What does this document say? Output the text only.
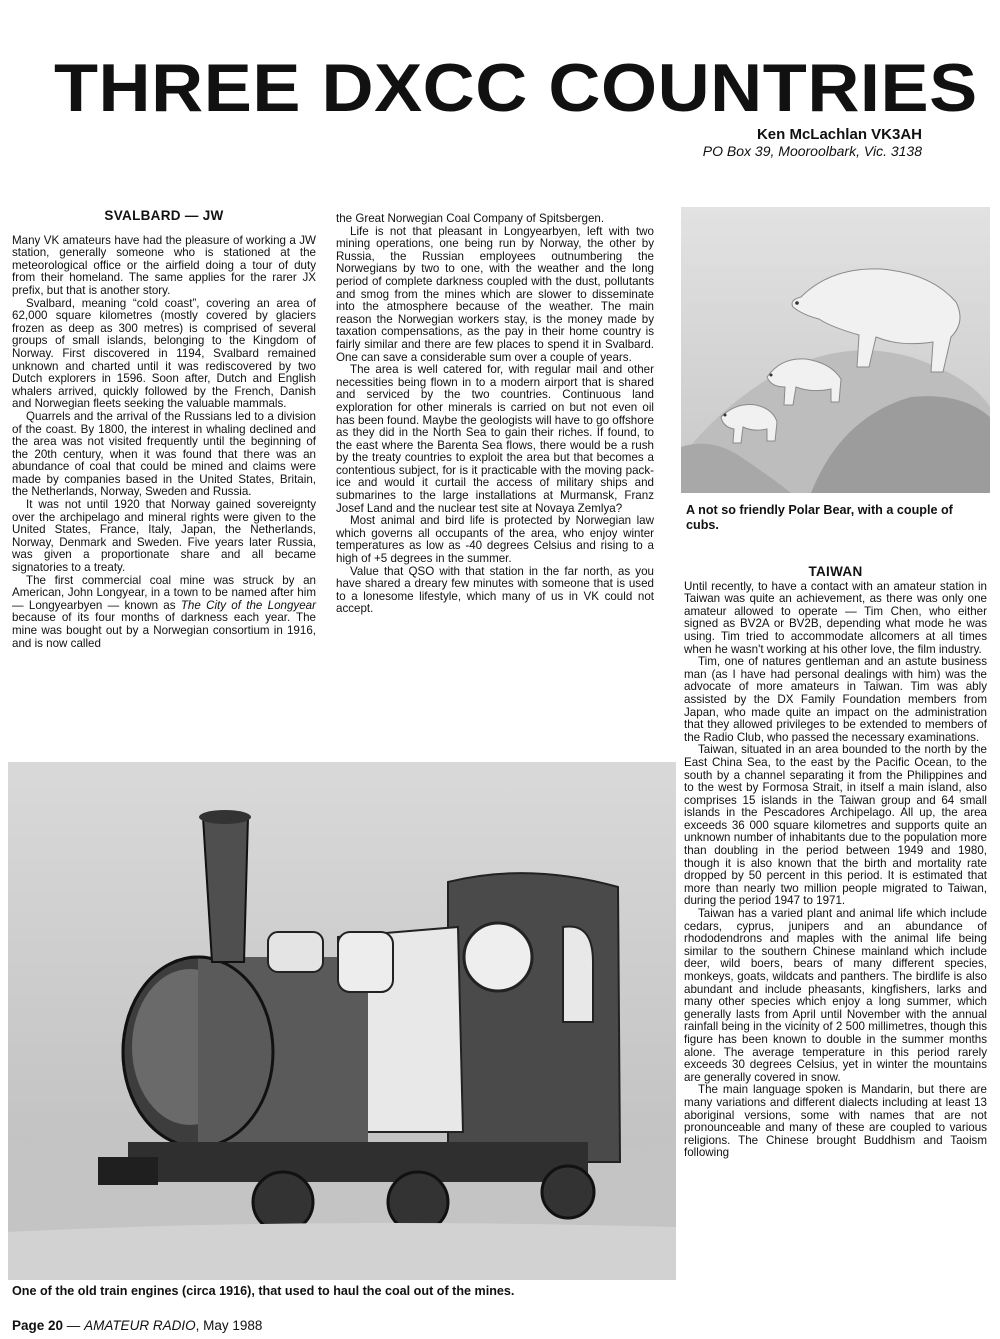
THREE DXCC COUNTRIES
Ken McLachlan VK3AH
PO Box 39, Mooroolbark, Vic. 3138
SVALBARD — JW

Many VK amateurs have had the pleasure of working a JW station, generally someone who is stationed at the meteorological office or the airfield doing a tour of duty from their homeland. The same applies for the rarer JX prefix, but that is another story.

Svalbard, meaning “cold coast”, covering an area of 62,000 square kilometres (mostly covered by glaciers frozen as deep as 300 metres) is comprised of several groups of small islands, belonging to the Kingdom of Norway. First discovered in 1194, Svalbard remained unknown and charted until it was rediscovered by two Dutch explorers in 1596. Soon after, Dutch and English whalers arrived, quickly followed by the French, Danish and Norwegian fleets seeking the valuable mammals.

Quarrels and the arrival of the Russians led to a division of the coast. By 1800, the interest in whaling declined and the area was not visited frequently until the beginning of the 20th century, when it was found that there was an abundance of coal that could be mined and claims were made by companies based in the United States, Britain, the Netherlands, Norway, Sweden and Russia.

It was not until 1920 that Norway gained sovereignty over the archipelago and mineral rights were given to the United States, France, Italy, Japan, the Netherlands, Norway, Denmark and Sweden. Five years later Russia, was given a proportionate share and all became signatories to a treaty.

The first commercial coal mine was struck by an American, John Longyear, in a town to be named after him — Longyearbyen — known as The City of the Longyear because of its four months of darkness each year. The mine was bought out by a Norwegian consortium in 1916, and is now called

the Great Norwegian Coal Company of Spitsbergen.

Life is not that pleasant in Longyearbyen, left with two mining operations, one being run by Norway, the other by Russia, the Russian employees outnumbering the Norwegians by two to one, with the weather and the long period of complete darkness coupled with the dust, pollutants and smog from the mines which are slower to disseminate into the atmosphere because of the weather. The main reason the Norwegian workers stay, is the money made by taxation compensations, as the pay in their home country is fairly similar and there are few places to spend it in Svalbard. One can save a considerable sum over a couple of years.

The area is well catered for, with regular mail and other necessities being flown in to a modern airport that is shared and serviced by the two countries. Continuous land exploration for other minerals is carried on but not even oil has been found. Maybe the geologists will have to go offshore as they did in the North Sea to gain their riches. If found, to the east where the Barenta Sea flows, there would be a rush by the treaty countries to exploit the area but that becomes a contentious subject, for is it practicable with the moving pack-ice and would it curtail the access of military ships and submarines to the large installations at Murmansk, Franz Josef Land and the nuclear test site at Novaya Zemlya?

Most animal and bird life is protected by Norwegian law which governs all occupants of the area, who enjoy winter temperatures as low as -40 degrees Celsius and rising to a high of +5 degrees in the summer.

Value that QSO with that station in the far north, as you have shared a dreary few minutes with someone that is used to a lonesome lifestyle, which many of us in VK could not accept.

A not so friendly Polar Bear, with a couple of cubs.
TAIWAN

Until recently, to have a contact with an amateur station in Taiwan was quite an achievement, as there was only one amateur allowed to operate — Tim Chen, who either signed as BV2A or BV2B, depending what mode he was using. Tim tried to accommodate allcomers at all times when he wasn't working at his other love, the film industry.

Tim, one of natures gentleman and an astute business man (as I have had personal dealings with him) was the advocate of more amateurs in Taiwan. Tim was ably assisted by the DX Family Foundation members from Japan, who made quite an impact on the administration that they allowed privileges to be extended to members of the Radio Club, who passed the necessary examinations.

Taiwan, situated in an area bounded to the north by the East China Sea, to the east by the Pacific Ocean, to the south by a channel separating it from the Philippines and to the west by Formosa Strait, in itself a main island, also comprises 15 islands in the Taiwan group and 64 small islands in the Pescadores Archipelago. All up, the area exceeds 36 000 square kilometres and supports quite an unknown number of inhabitants due to the population more than doubling in the period between 1949 and 1980, though it is also known that the birth and mortality rate dropped by 50 percent in this period. It is estimated that more than nearly two million people migrated to Taiwan, during the period 1947 to 1971.

Taiwan has a varied plant and animal life which include cedars, cyprus, junipers and an abundance of rhododendrons and maples with the animal life being similar to the southern Chinese mainland which include deer, wild boers, bears of many different species, monkeys, goats, wildcats and panthers. The birdlife is also abundant and include pheasants, kingfishers, larks and many other species which enjoy a long summer, which generally lasts from April until November with the annual rainfall being in the vicinity of 2 500 millimetres, though this figure has been known to double in the summer months alone. The average temperature in this period rarely exceeds 30 degrees Celsius, yet in winter the mountains are generally covered in snow.

The main language spoken is Mandarin, but there are many variations and different dialects including at least 13 aboriginal versions, some with names that are not pronounceable and many of these are coupled to various religions. The Chinese brought Buddhism and Taoism following

One of the old train engines (circa 1916), that used to haul the coal out of the mines.
Page 20 — AMATEUR RADIO, May 1988
